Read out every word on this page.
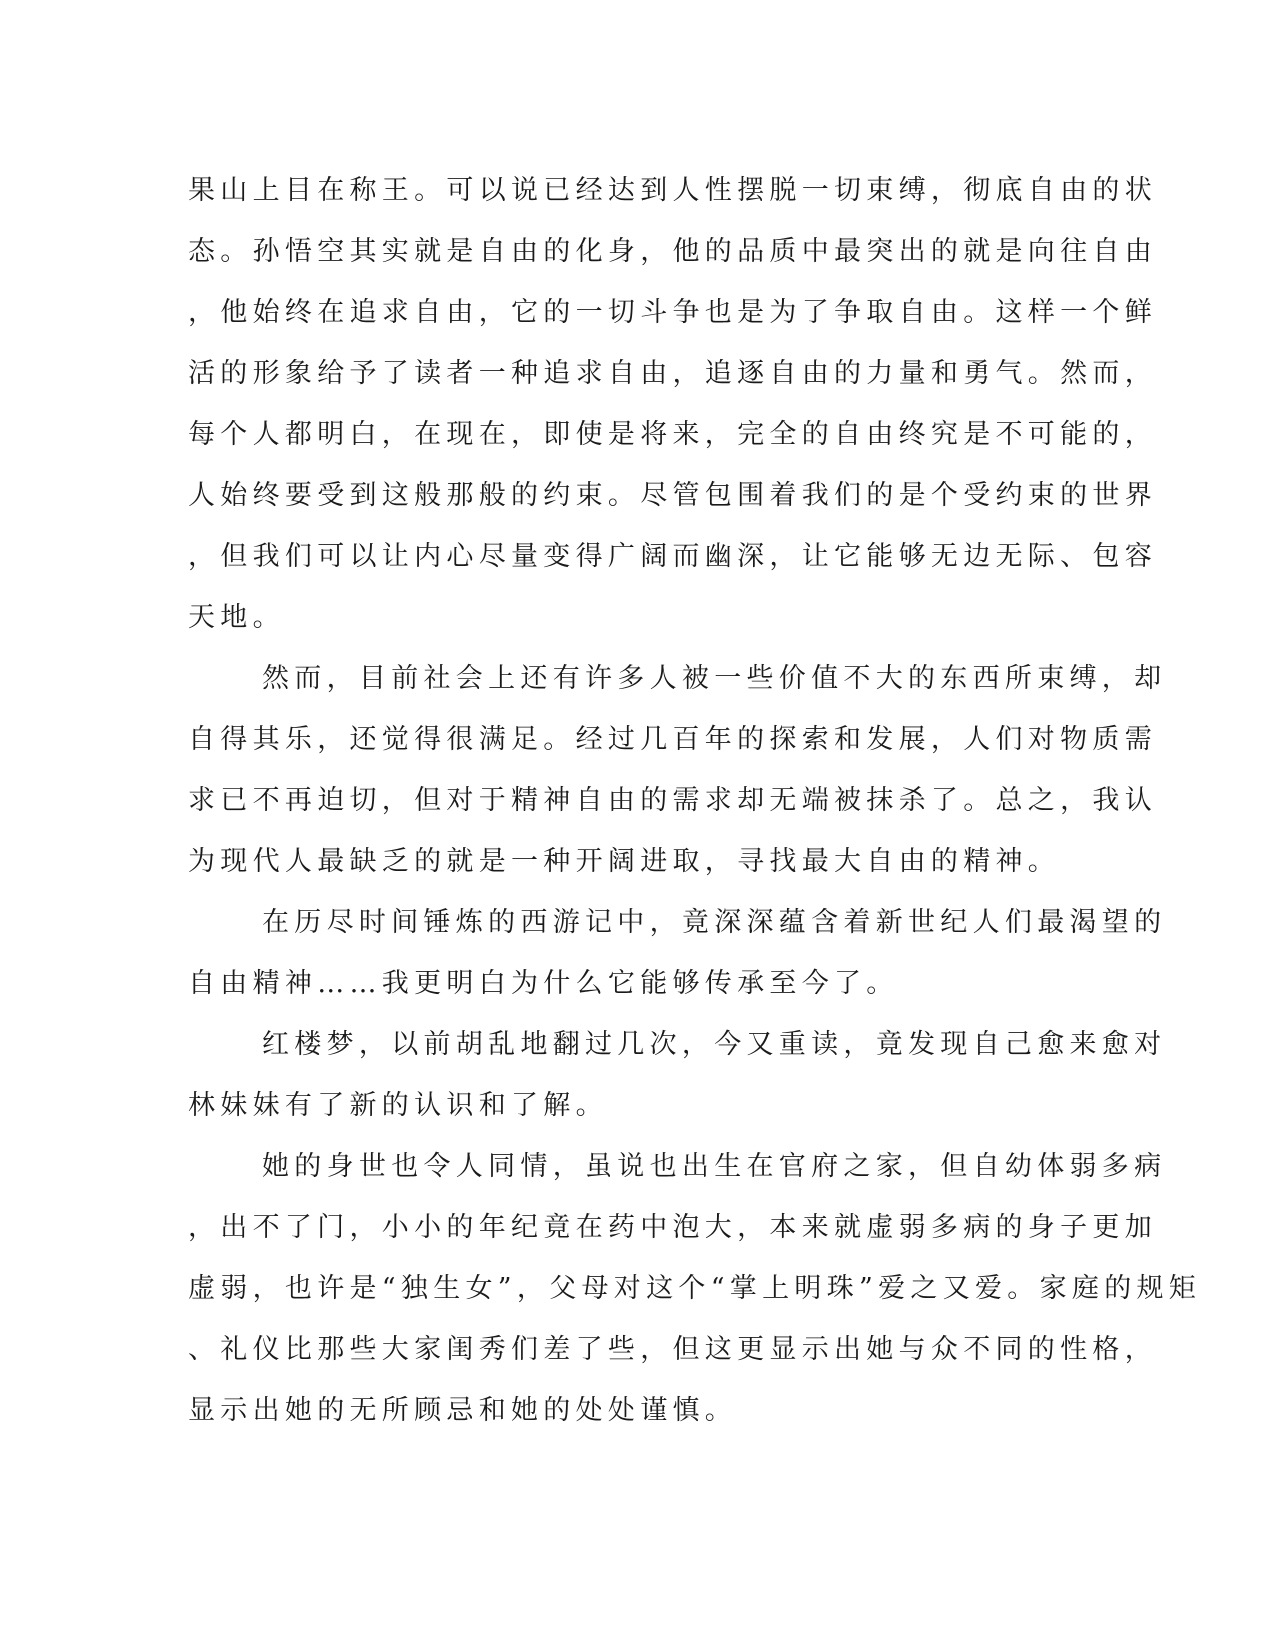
果山上目在称王。可以说已经达到人性摆脱一切束缚，彻底自由的状
态。孙悟空其实就是自由的化身，他的品质中最突出的就是向往自由
，他始终在追求自由，它的一切斗争也是为了争取自由。这样一个鲜
活的形象给予了读者一种追求自由，追逐自由的力量和勇气。然而，
每个人都明白，在现在，即使是将来，完全的自由终究是不可能的，
人始终要受到这般那般的约束。尽管包围着我们的是个受约束的世界
，但我们可以让内心尽量变得广阔而幽深，让它能够无边无际、包容
天地。
然而，目前社会上还有许多人被一些价值不大的东西所束缚，却
自得其乐，还觉得很满足。经过几百年的探索和发展，人们对物质需
求已不再迫切，但对于精神自由的需求却无端被抹杀了。总之，我认
为现代人最缺乏的就是一种开阔进取，寻找最大自由的精神。
在历尽时间锤炼的西游记中，竟深深蕴含着新世纪人们最渴望的
自由精神……我更明白为什么它能够传承至今了。
红楼梦，以前胡乱地翻过几次，今又重读，竟发现自己愈来愈对
林妹妹有了新的认识和了解。
她的身世也令人同情，虽说也出生在官府之家，但自幼体弱多病
，出不了门，小小的年纪竟在药中泡大，本来就虚弱多病的身子更加
虚弱，也许是“独生女”，父母对这个“掌上明珠”爱之又爱。家庭的规矩
、礼仪比那些大家闺秀们差了些，但这更显示出她与众不同的性格，
显示出她的无所顾忌和她的处处谨慎。
